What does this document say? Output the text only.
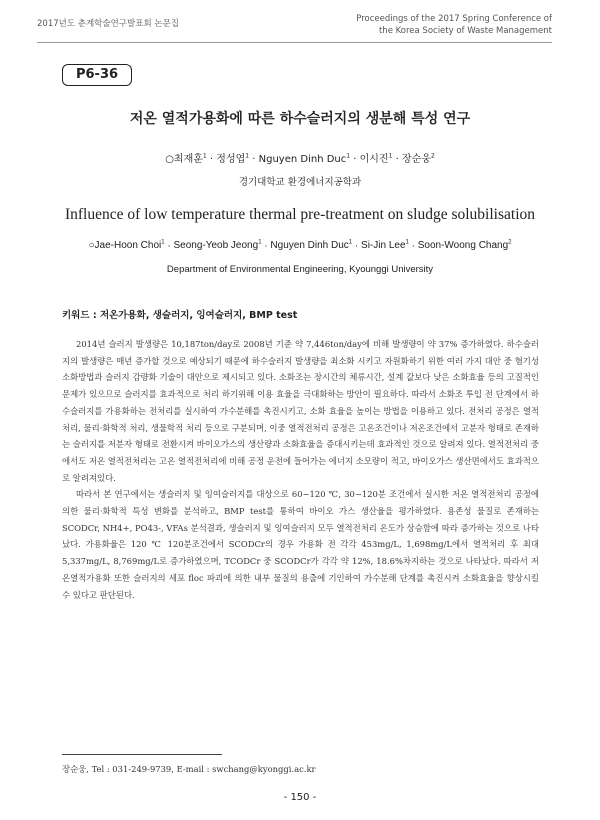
2017년도 춘계학술연구발표회 논문집	Proceedings of the 2017 Spring Conference of
the Korea Society of Waste Management
P6-36
저온 열적가용화에 따른 하수슬러지의 생분해 특성 연구
○최재훈$^1$ · 정성엽$^1$ · Nguyen Dinh Duc$^1$ · 이시진$^1$ · 장순웅$^2$
경기대학교 환경에너지공학과
Influence of low temperature thermal pre-treatment on sludge solubilisation
○Jae-Hoon Choi$^1$ · Seong-Yeob Jeong$^1$ · Nguyen Dinh Duc$^1$ · Si-Jin Lee$^1$ · Soon-Woong Chang$^2$
Department of Environmental Engineering, Kyounggi University
키워드 : 저온가용화, 생슬러지, 잉여슬러지, BMP test

2014년 슬러지 발생량은 10,187ton/day로 2008년 기준 약 7,446ton/day에 비해 발생량이 약 37% 증가하였다. 하수슬러지의 발생량은 매년 증가할 것으로 예상되기 때문에 하수슬러지 발생량을 최소화 시키고 자원화하기 위한 여러 가지 대안 중 혐기성 소화방법과 슬러지 감량화 기술이 대안으로 제시되고 있다. 소화조는 장시간의 체류시간, 설계 값보다 낮은 소화효율 등의 고질적인 문제가 있으므로 슬러지를 효과적으로 처리 하기위해 이용 효율을 극대화하는 방안이 필요하다. 따라서 소화조 투입 전 단계에서 하수슬러지를 가용화하는 전처리를 실시하여 가수분해를 촉진시키고, 소화 효율을 높이는 방법을 이용하고 있다. 전처리 공정은 열적처리, 물리·화학적 처리, 생물학적 처리 등으로 구분되며, 이중 열적전처리 공정은 고온조건이나 저온조건에서 고분자 형태로 존재하는 슬러지를 저분자 형태로 전환시켜 바이오가스의 생산량과 소화효율을 증대시키는데 효과적인 것으로 알려져 있다. 열적전처리 중에서도 저온 열적전처리는 고온 열적전처리에 비해 공정 운전에 들어가는 에너지 소모량이 적고, 바이오가스 생산면에서도 효과적으로 알려져있다.

따라서 본 연구에서는 생슬러지 및 잉여슬러지를 대상으로 60~120 ℃, 30~120분 조건에서 실시한 저온 열적전처리 공정에 의한 물리·화학적 특성 변화를 분석하고, BMP test를 통하여 바이오 가스 생산율을 평가하였다. 용존성 물질로 존재하는 SCODCr, NH4+, PO43-, VFAs 분석결과, 생슬러지 및 잉여슬러지 모두 열적전처리 온도가 상승함에 따라 증가하는 것으로 나타났다. 가용화율은 120 ℃ 120분조건에서 SCODCr의 경우 가용화 전 각각 453mg/L, 1,698mg/L에서 열적처리 후 최대 5,337mg/L, 8,769mg/L로 증가하였으며, TCODCr 중 SCODCr가 각각 약 12%, 18.6%차지하는 것으로 나타났다. 따라서 저온열적가용화 또한 슬러지의 세포 floc 파괴에 의한 내부 물질의 용출에 기인하여 가수분해 단계를 촉진시켜 소화효율을 향상시킬 수 있다고 판단된다.

장순웅, Tel : 031-249-9739, E-mail : swchang@kyonggi.ac.kr
- 150 -
